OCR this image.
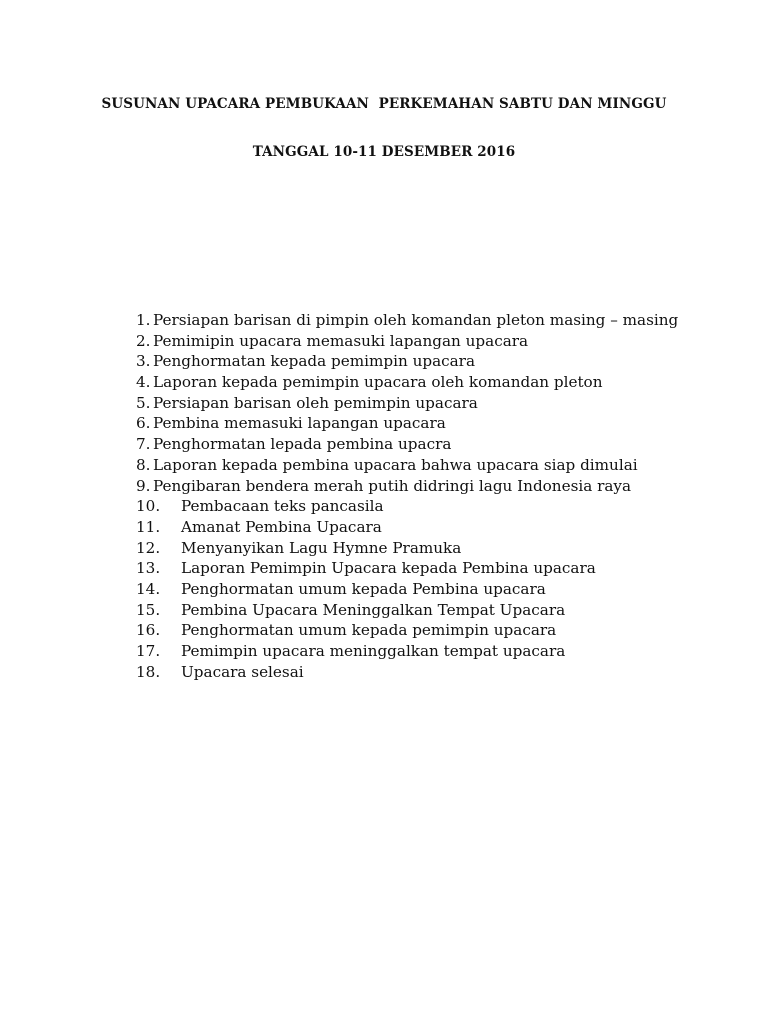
SUSUNAN UPACARA PEMBUKAAN  PERKEMAHAN SABTU DAN MINGGU
TANGGAL 10-11 DESEMBER 2016
1. Persiapan barisan di pimpin oleh komandan pleton masing – masing
2. Pemimipin upacara memasuki lapangan upacara
3. Penghormatan kepada pemimpin upacara
4. Laporan kepada pemimpin upacara oleh komandan pleton
5. Persiapan barisan oleh pemimpin upacara
6. Pembina memasuki lapangan upacara
7. Penghormatan lepada pembina upacra
8. Laporan kepada pembina upacara bahwa upacara siap dimulai
9. Pengibaran bendera merah putih didringi lagu Indonesia raya
10. Pembacaan teks pancasila
11. Amanat Pembina Upacara
12. Menyanyikan Lagu Hymne Pramuka
13. Laporan Pemimpin Upacara kepada Pembina upacara
14. Penghormatan umum kepada Pembina upacara
15. Pembina Upacara Meninggalkan Tempat Upacara
16. Penghormatan umum kepada pemimpin upacara
17. Pemimpin upacara meninggalkan tempat upacara
18. Upacara selesai
